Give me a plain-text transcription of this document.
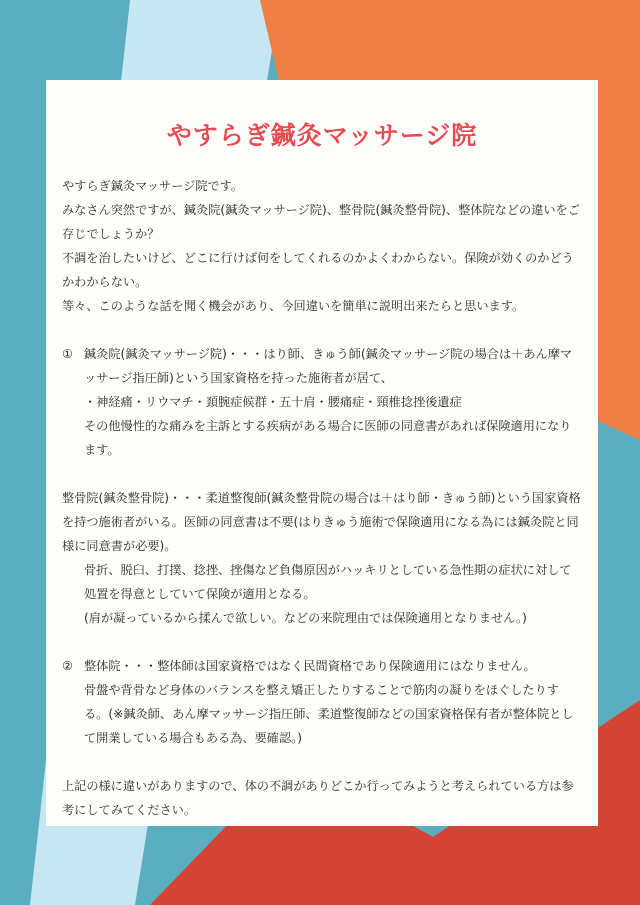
やすらぎ鍼灸マッサージ院

やすらぎ鍼灸マッサージ院です。

みなさん突然ですが、鍼灸院(鍼灸マッサージ院)、整骨院(鍼灸整骨院)、整体院などの違いをご存じでしょうか？

不調を治したいけど、どこに行けば何をしてくれるのかよくわからない。保険が効くのかどうかわからない。

等々、このような話を聞く機会があり、今回違いを簡単に説明出来たらと思います。

① 鍼灸院(鍼灸マッサージ院)・・・はり師、きゅう師(鍼灸マッサージ院の場合は＋あん摩マッサージ指圧師)という国家資格を持った施術者が居て、

・神経痛・リウマチ・頚腕症候群・五十肩・腰痛症・頸椎捻挫後遺症

その他慢性的な痛みを主訴とする疾病がある場合に医師の同意書があれば保険適用になります。

整骨院(鍼灸整骨院)・・・柔道整復師(鍼灸整骨院の場合は＋はり師・きゅう師)という国家資格を持つ施術者がいる。医師の同意書は不要(はりきゅう施術で保険適用になる為には鍼灸院と同様に同意書が必要)。

骨折、脱臼、打撲、捻挫、挫傷など負傷原因がハッキリとしている急性期の症状に対して処置を得意としていて保険が適用となる。

(肩が凝っているから揉んで欲しい。などの来院理由では保険適用となりません。)

② 整体院・・・整体師は国家資格ではなく民間資格であり保険適用にはなりません。

骨盤や背骨など身体のバランスを整え矯正したりすることで筋肉の凝りをほぐしたりする。(※鍼灸師、あん摩マッサージ指圧師、柔道整復師などの国家資格保有者が整体院として開業している場合もある為、要確認。)

上記の様に違いがありますので、体の不調がありどこか行ってみようと考えられている方は参考にしてみてください。
